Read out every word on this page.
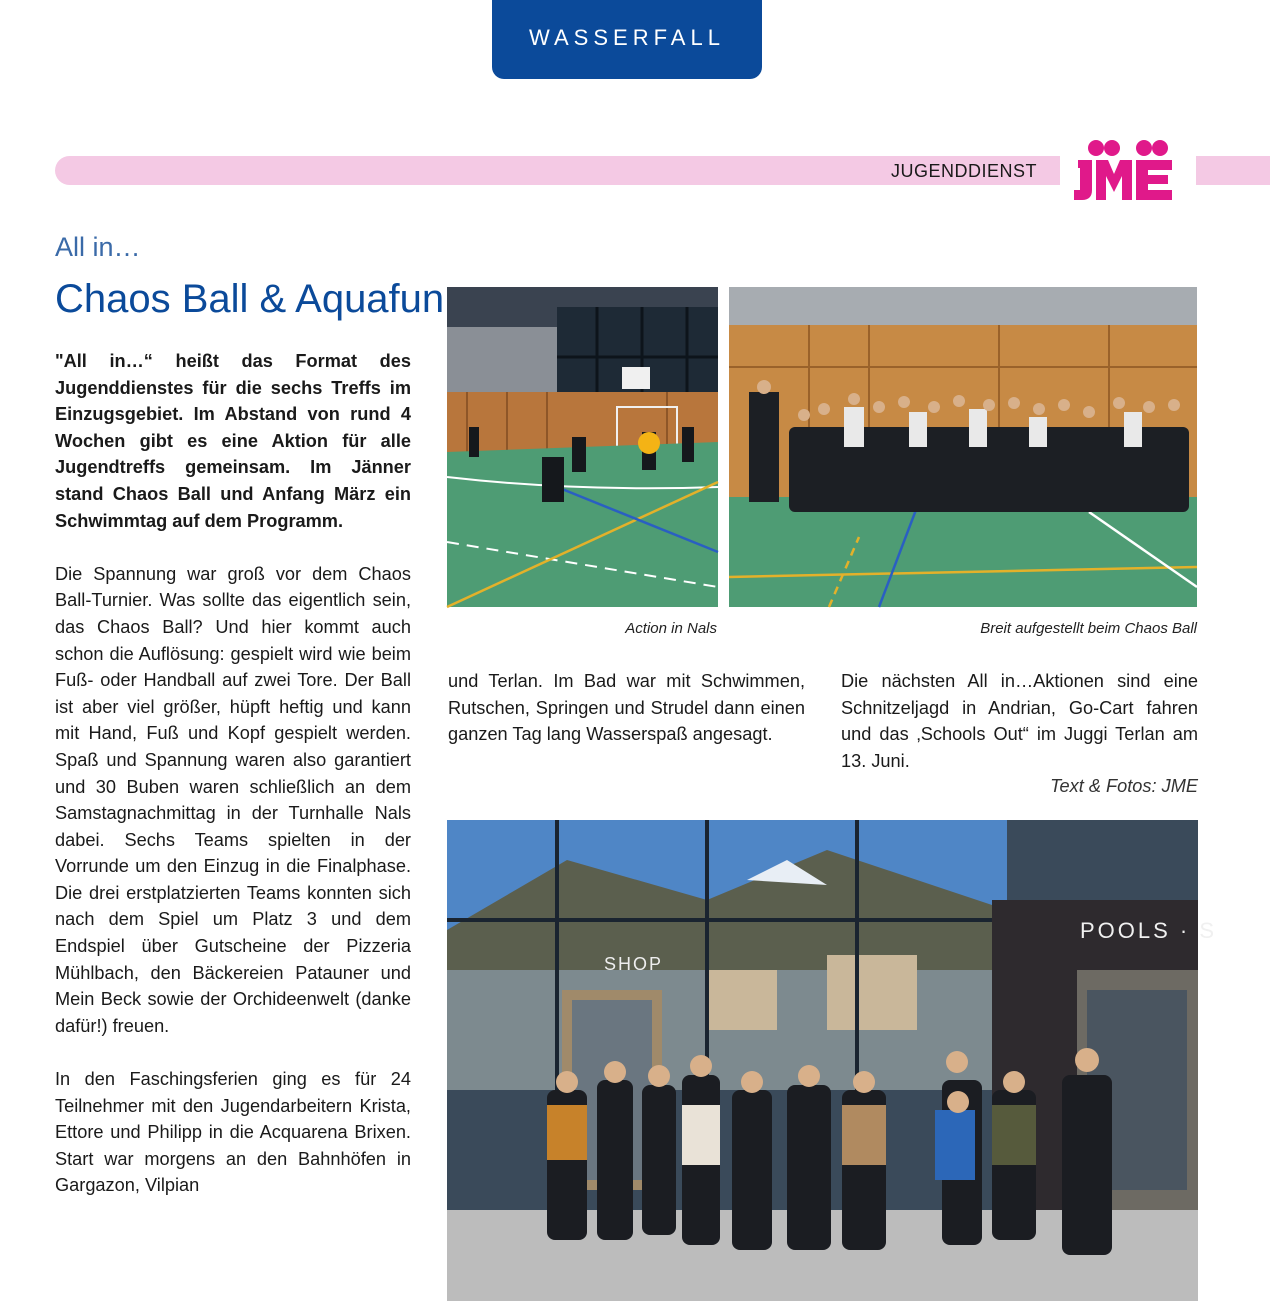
WASSERFALL
JUGENDDIENST
JME
All in…
Chaos Ball & Aquafun

"All in…“ heißt das Format des Jugenddienstes für die sechs Treffs im Einzugsgebiet. Im Abstand von rund 4 Wochen gibt es eine Aktion für alle Jugendtreffs gemeinsam. Im Jänner stand Chaos Ball und Anfang März ein Schwimmtag auf dem Programm.

Die Spannung war groß vor dem Chaos Ball-Turnier. Was sollte das eigentlich sein, das Chaos Ball? Und hier kommt auch schon die Auflösung: gespielt wird wie beim Fuß- oder Handball auf zwei Tore. Der Ball ist aber viel größer, hüpft heftig und kann mit Hand, Fuß und Kopf gespielt werden. Spaß und Spannung waren also garantiert und 30 Buben waren schließlich an dem Samstagnachmittag in der Turnhalle Nals dabei. Sechs Teams spielten in der Vorrunde um den Einzug in die Finalphase. Die drei erstplatzierten Teams konnten sich nach dem Spiel um Platz 3 und dem Endspiel über Gutscheine der Pizzeria Mühlbach, den Bäckereien Patauner und Mein Beck sowie der Orchideenwelt (danke dafür!) freuen.

In den Faschingsferien ging es für 24 Teilnehmer mit den Jugendarbeitern Krista, Ettore und Philipp in die Acquarena Brixen. Start war morgens an den Bahnhöfen in Gargazon, Vilpian

Action in Nals	Breit aufgestellt beim Chaos Ball

und Terlan. Im Bad war mit Schwimmen, Rutschen, Springen und Strudel dann einen ganzen Tag lang Wasserspaß angesagt.

Die nächsten All in…Aktionen sind eine Schnitzeljagd in Andrian, Go-Cart fahren und das ‚Schools Out“ im Juggi Terlan am 13. Juni.

Text & Fotos: JME
POOLS · S
SHOP
